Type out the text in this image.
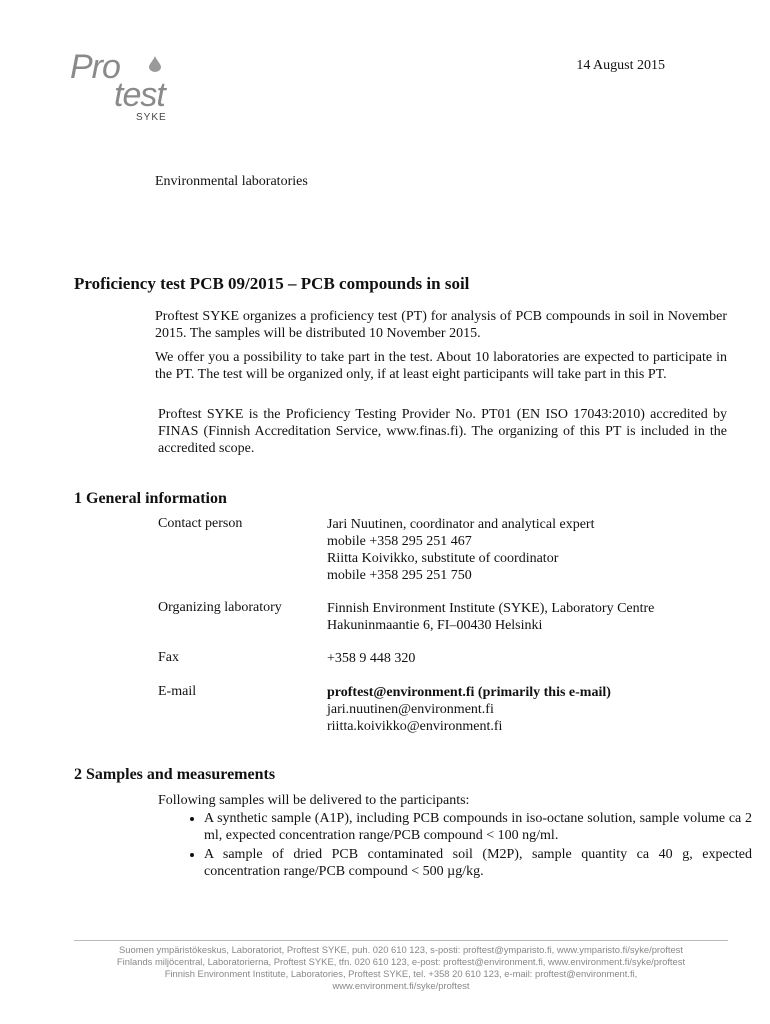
Pro
test
SYKE
14 August 2015
Environmental laboratories
Proficiency test PCB 09/2015 – PCB compounds in soil
Proftest SYKE organizes a proficiency test (PT) for analysis of PCB compounds in soil in November 2015. The samples will be distributed 10 November 2015.
We offer you a possibility to take part in the test. About 10 laboratories are expected to participate in the PT. The test will be organized only, if at least eight participants will take part in this PT.
Proftest SYKE is the Proficiency Testing Provider No. PT01 (EN ISO 17043:2010) accredited by FINAS (Finnish Accreditation Service, www.finas.fi). The organizing of this PT is included in the accredited scope.
1 General information
Contact person	Jari Nuutinen, coordinator and analytical expert
mobile +358 295 251 467
Riitta Koivikko, substitute of coordinator
mobile +358 295 251 750
Organizing laboratory	Finnish Environment Institute (SYKE), Laboratory Centre
Hakuninmaantie 6, FI–00430 Helsinki
Fax	+358 9 448 320
E-mail	proftest@environment.fi (primarily this e-mail)
jari.nuutinen@environment.fi
riitta.koivikko@environment.fi
2 Samples and measurements
Following samples will be delivered to the participants:
• A synthetic sample (A1P), including PCB compounds in iso-octane solution, sample volume ca 2 ml, expected concentration range/PCB compound < 100 ng/ml.
• A sample of dried PCB contaminated soil (M2P), sample quantity ca 40 g, expected concentration range/PCB compound < 500 µg/kg.
Suomen ympäristökeskus, Laboratoriot, Proftest SYKE, puh. 020 610 123, s-posti: proftest@ymparisto.fi, www.ymparisto.fi/syke/proftest
Finlands miljöcentral, Laboratorierna, Proftest SYKE, tfn. 020 610 123, e-post: proftest@environment.fi, www.environment.fi/syke/proftest
Finnish Environment Institute, Laboratories, Proftest SYKE, tel. +358 20 610 123, e-mail: proftest@environment.fi,
www.environment.fi/syke/proftest
